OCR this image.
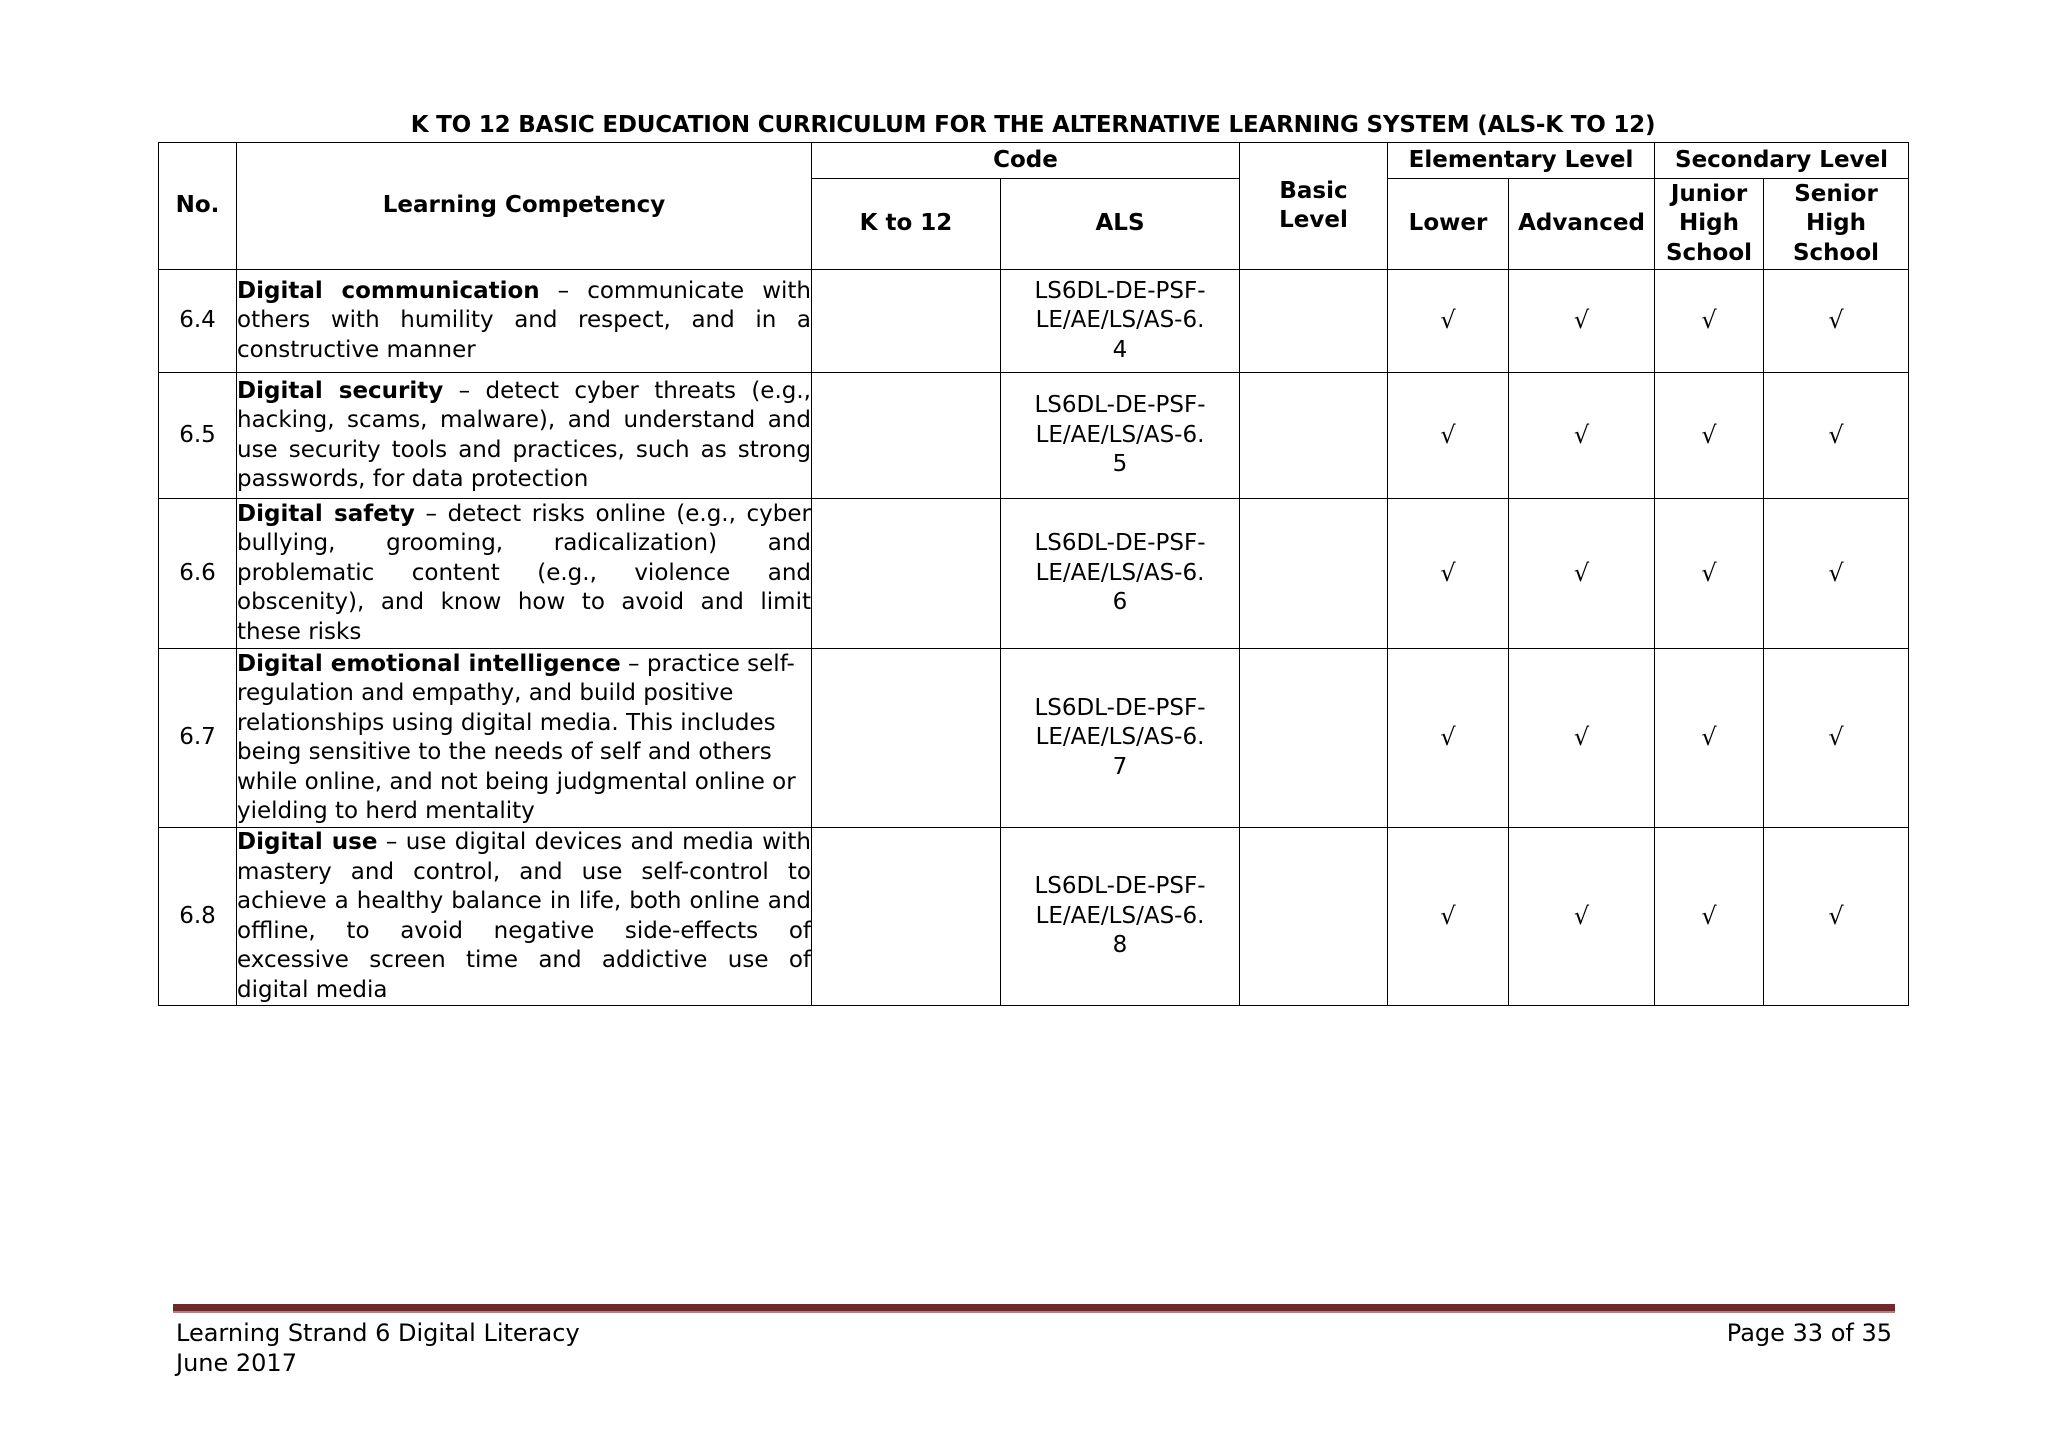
K TO 12 BASIC EDUCATION CURRICULUM FOR THE ALTERNATIVE LEARNING SYSTEM (ALS-K TO 12)
No.	Learning Competency	Code		Basic Level	Elementary Level		Secondary Level	
		K to 12	ALS		Lower	Advanced	Junior High School	Senior High School
6.4	Digital communication – communicate with others with humility and respect, and in a constructive manner		LS6DL-DE-PSF-LE/AE/LS/AS-6.4		√	√	√	√
6.5	Digital security – detect cyber threats (e.g., hacking, scams, malware), and understand and use security tools and practices, such as strong passwords, for data protection		LS6DL-DE-PSF-LE/AE/LS/AS-6.5		√	√	√	√
6.6	Digital safety – detect risks online (e.g., cyber bullying, grooming, radicalization) and problematic content (e.g., violence and obscenity), and know how to avoid and limit these risks		LS6DL-DE-PSF-LE/AE/LS/AS-6.6		√	√	√	√
6.7	Digital emotional intelligence – practice self-regulation and empathy, and build positive relationships using digital media. This includes being sensitive to the needs of self and others while online, and not being judgmental online or yielding to herd mentality		LS6DL-DE-PSF-LE/AE/LS/AS-6.7		√	√	√	√
6.8	Digital use – use digital devices and media with mastery and control, and use self-control to achieve a healthy balance in life, both online and offline, to avoid negative side-effects of excessive screen time and addictive use of digital media		LS6DL-DE-PSF-LE/AE/LS/AS-6.8		√	√	√	√
Learning Strand 6 Digital Literacy
June 2017
Page 33 of 35
